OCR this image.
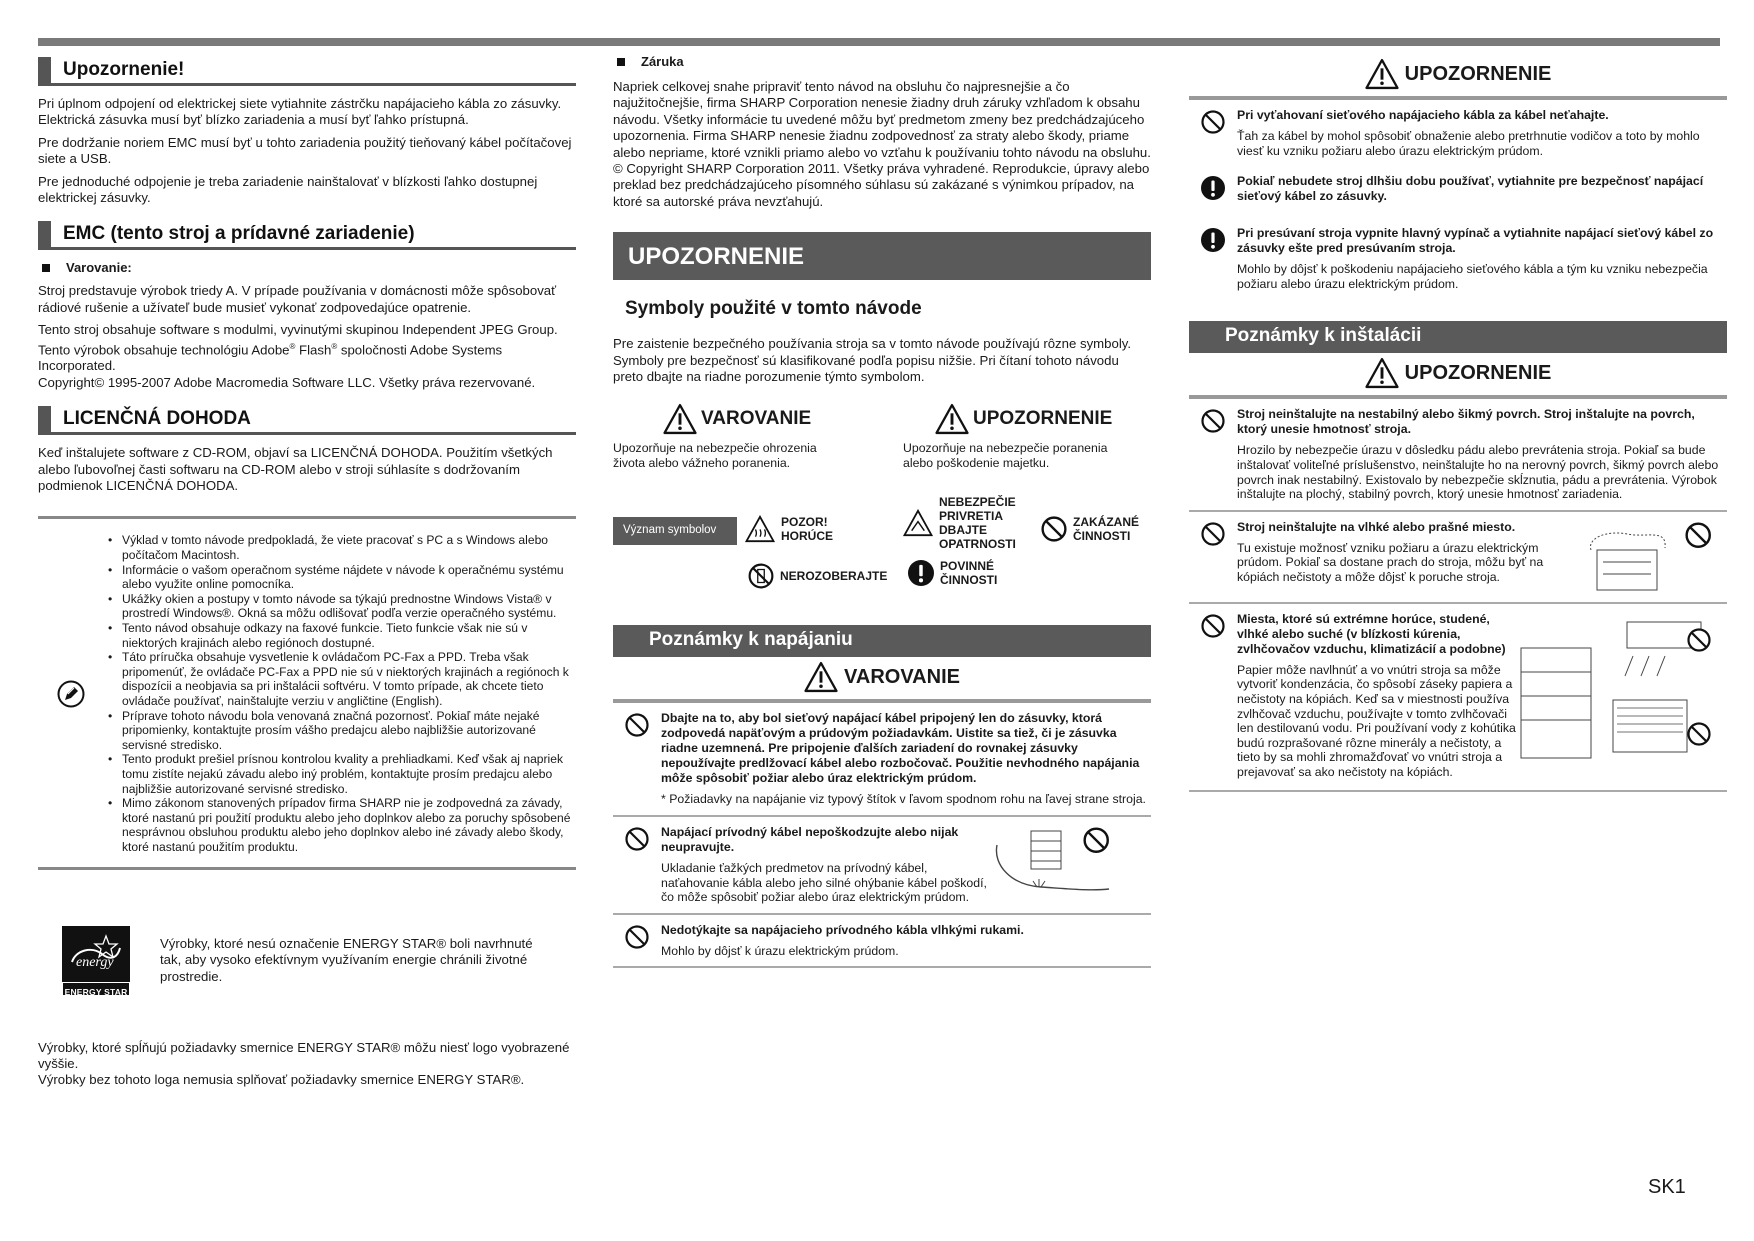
Upozornenie!

Pri úplnom odpojení od elektrickej siete vytiahnite zástrčku napájacieho kábla zo zásuvky.

Elektrická zásuvka musí byť blízko zariadenia a musí byť ľahko prístupná.

Pre dodržanie noriem EMC musí byť u tohto zariadenia použitý tieňovaný kábel počítačovej siete a USB.

Pre jednoduché odpojenie je treba zariadenie nainštalovať v blízkosti ľahko dostupnej elektrickej zásuvky.

EMC (tento stroj a prídavné zariadenie)
Varovanie:

Stroj predstavuje výrobok triedy A. V prípade používania v domácnosti môže spôsobovať rádiové rušenie a užívateľ bude musieť vykonať zodpovedajúce opatrenie.

Tento stroj obsahuje software s modulmi, vyvinutými skupinou Independent JPEG Group.

Tento výrobok obsahuje technológiu Adobe® Flash® spoločnosti Adobe Systems Incorporated.

Copyright© 1995-2007 Adobe Macromedia Software LLC. Všetky práva rezervované.

LICENČNÁ DOHODA

Keď inštalujete software z CD-ROM, objaví sa LICENČNÁ DOHODA. Použitím všetkých alebo ľubovoľnej časti softwaru na CD-ROM alebo v stroji súhlasíte s dodržovaním podmienok LICENČNÁ DOHODA.

• Výklad v tomto návode predpokladá, že viete pracovať s PC a s Windows alebo počítačom Macintosh.
• Informácie o vašom operačnom systéme nájdete v návode k operačnému systému alebo využite online pomocníka.
• Ukážky okien a postupy v tomto návode sa týkajú prednostne Windows Vista® v prostredí Windows®. Okná sa môžu odlišovať podľa verzie operačného systému.
• Tento návod obsahuje odkazy na faxové funkcie. Tieto funkcie však nie sú v niektorých krajinách alebo regiónoch dostupné.
• Táto príručka obsahuje vysvetlenie k ovládačom PC-Fax a PPD. Treba však pripomenúť, že ovládače PC-Fax a PPD nie sú v niektorých krajinách a regiónoch k dispozícii a neobjavia sa pri inštalácii softvéru. V tomto prípade, ak chcete tieto ovládače používať, nainštalujte verziu v angličtine (English).
• Príprave tohoto návodu bola venovaná značná pozornosť. Pokiaľ máte nejaké pripomienky, kontaktujte prosím vášho predajcu alebo najbližšie autorizované servisné stredisko.
• Tento produkt prešiel prísnou kontrolou kvality a prehliadkami. Keď však aj napriek tomu zistíte nejakú závadu alebo iný problém, kontaktujte prosím predajcu alebo najbližšie autorizované servisné stredisko.
• Mimo zákonom stanovených prípadov firma SHARP nie je zodpovedná za závady, ktoré nastanú pri použití produktu alebo jeho doplnkov alebo za poruchy spôsobené nesprávnou obsluhou produktu alebo jeho doplnkov alebo iné závady alebo škody, ktoré nastanú použitím produktu.
energy
ENERGY STAR

Výrobky, ktoré nesú označenie ENERGY STAR® boli navrhnuté tak, aby vysoko efektívnym využívaním energie chránili životné prostredie.

Výrobky, ktoré spĺňujú požiadavky smernice ENERGY STAR® môžu niesť logo vyobrazené vyššie.

Výrobky bez tohoto loga nemusia splňovať požiadavky smernice ENERGY STAR®.

Záruka

Napriek celkovej snahe pripraviť tento návod na obsluhu čo najpresnejšie a čo najužitočnejšie, firma SHARP Corporation nenesie žiadny druh záruky vzhľadom k obsahu návodu. Všetky informácie tu uvedené môžu byť predmetom zmeny bez predchádzajúceho upozornenia. Firma SHARP nenesie žiadnu zodpovednosť za straty alebo škody, priame alebo nepriame, ktoré vznikli priamo alebo vo vzťahu k používaniu tohto návodu na obsluhu.

© Copyright SHARP Corporation 2011. Všetky práva vyhradené. Reprodukcie, úpravy alebo preklad bez predchádzajúceho písomného súhlasu sú zakázané s výnimkou prípadov, na ktoré sa autorské práva nevzťahujú.

UPOZORNENIE
Symboly použité v tomto návode

Pre zaistenie bezpečného používania stroja sa v tomto návode používajú rôzne symboly. Symboly pre bezpečnosť sú klasifikované podľa popisu nižšie. Pri čítaní tohoto návodu preto dbajte na riadne porozumenie týmto symbolom.

VAROVANIE

Upozorňuje na nebezpečie ohrozenia života alebo vážneho poranenia.

UPOZORNENIE

Upozorňuje na nebezpečie poranenia alebo poškodenie majetku.

Význam symbolov
POZOR! HORÚCE
NEBEZPEČIE PRIVRETIA DBAJTE OPATRNOSTI
ZAKÁZANÉ ČINNOSTI
NEROZOBERAJTE
POVINNÉ ČINNOSTI
Poznámky k napájaniu
VAROVANIE
Dbajte na to, aby bol sieťový napájací kábel pripojený len do zásuvky, ktorá zodpovedá napäťovým a prúdovým požiadavkám. Uistite sa tiež, či je zásuvka riadne uzemnená. Pre pripojenie ďalších zariadení do rovnakej zásuvky nepoužívajte predlžovací kábel alebo rozbočovač. Použitie nevhodného napájania môže spôsobiť požiar alebo úraz elektrickým prúdom.
* Požiadavky na napájanie viz typový štítok v ľavom spodnom rohu na ľavej strane stroja.
Napájací prívodný kábel nepoškodzujte alebo nijak neupravujte.
Ukladanie ťažkých predmetov na prívodný kábel, naťahovanie kábla alebo jeho silné ohýbanie kábel poškodí, čo môže spôsobiť požiar alebo úraz elektrickým prúdom.
Nedotýkajte sa napájacieho prívodného kábla vlhkými rukami.
Mohlo by dôjsť k úrazu elektrickým prúdom.
UPOZORNENIE
Pri vyťahovaní sieťového napájacieho kábla za kábel neťahajte.
Ťah za kábel by mohol spôsobiť obnaženie alebo pretrhnutie vodičov a toto by mohlo viesť ku vzniku požiaru alebo úrazu elektrickým prúdom.
Pokiaľ nebudete stroj dlhšiu dobu používať, vytiahnite pre bezpečnosť napájací sieťový kábel zo zásuvky.
Pri presúvaní stroja vypnite hlavný vypínač a vytiahnite napájací sieťový kábel zo zásuvky ešte pred presúvaním stroja.
Mohlo by dôjsť k poškodeniu napájacieho sieťového kábla a tým ku vzniku nebezpečia požiaru alebo úrazu elektrickým prúdom.
Poznámky k inštalácii
UPOZORNENIE
Stroj neinštalujte na nestabilný alebo šikmý povrch. Stroj inštalujte na povrch, ktorý unesie hmotnosť stroja.
Hrozilo by nebezpečie úrazu v dôsledku pádu alebo prevrátenia stroja. Pokiaľ sa bude inštalovať voliteľné príslušenstvo, neinštalujte ho na nerovný povrch, šikmý povrch alebo povrch inak nestabilný. Existovalo by nebezpečie skĺznutia, pádu a prevrátenia. Výrobok inštalujte na plochý, stabilný povrch, ktorý unesie hmotnosť zariadenia.
Stroj neinštalujte na vlhké alebo prašné miesto.
Tu existuje možnosť vzniku požiaru a úrazu elektrickým prúdom. Pokiaľ sa dostane prach do stroja, môžu byť na kópiách nečistoty a môže dôjsť k poruche stroja.
Miesta, ktoré sú extrémne horúce, studené, vlhké alebo suché (v blízkosti kúrenia, zvlhčovačov vzduchu, klimatizácií a podobne)
Papier môže navlhnúť a vo vnútri stroja sa môže vytvoriť kondenzácia, čo spôsobí záseky papiera a nečistoty na kópiách. Keď sa v miestnosti používa zvlhčovač vzduchu, používajte v tomto zvlhčovači len destilovanú vodu. Pri používaní vody z kohútika budú rozprašované rôzne minerály a nečistoty, a tieto by sa mohli zhromažďovať vo vnútri stroja a prejavovať sa ako nečistoty na kópiách.
SK1
